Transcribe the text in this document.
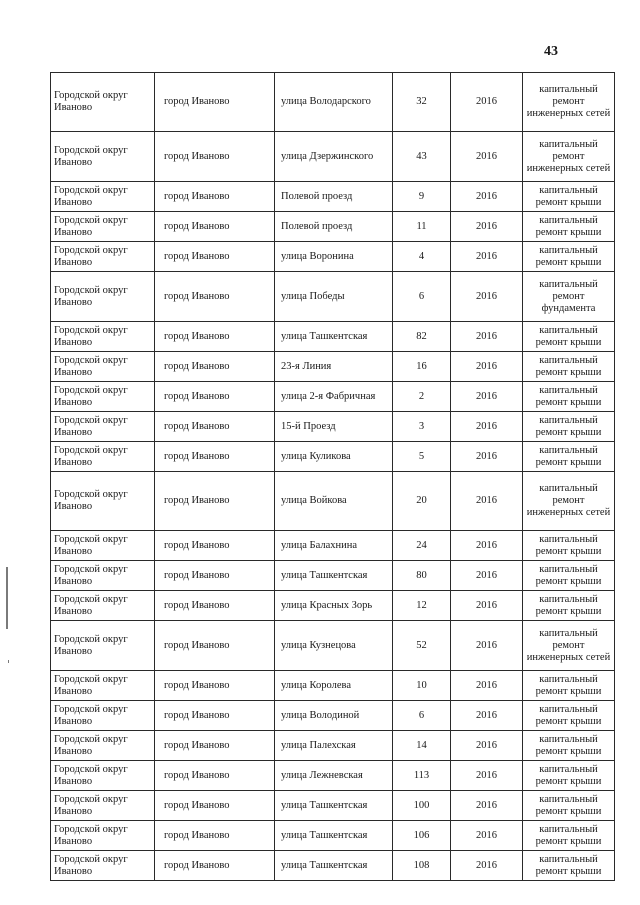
43
Городской округ Иваново	город Иваново	улица Володарского	32	2016	капитальный ремонт инженерных сетей
Городской округ Иваново	город Иваново	улица Дзержинского	43	2016	капитальный ремонт инженерных сетей
Городской округ Иваново	город Иваново	Полевой проезд	9	2016	капитальный ремонт крыши
Городской округ Иваново	город Иваново	Полевой проезд	11	2016	капитальный ремонт крыши
Городской округ Иваново	город Иваново	улица Воронина	4	2016	капитальный ремонт крыши
Городской округ Иваново	город Иваново	улица Победы	6	2016	капитальный ремонт фундамента
Городской округ Иваново	город Иваново	улица Ташкентская	82	2016	капитальный ремонт крыши
Городской округ Иваново	город Иваново	23-я Линия	16	2016	капитальный ремонт крыши
Городской округ Иваново	город Иваново	улица 2-я Фабричная	2	2016	капитальный ремонт крыши
Городской округ Иваново	город Иваново	15-й Проезд	3	2016	капитальный ремонт крыши
Городской округ Иваново	город Иваново	улица Куликова	5	2016	капитальный ремонт крыши
Городской округ Иваново	город Иваново	улица Войкова	20	2016	капитальный ремонт инженерных сетей
Городской округ Иваново	город Иваново	улица Балахнина	24	2016	капитальный ремонт крыши
Городской округ Иваново	город Иваново	улица Ташкентская	80	2016	капитальный ремонт крыши
Городской округ Иваново	город Иваново	улица Красных Зорь	12	2016	капитальный ремонт крыши
Городской округ Иваново	город Иваново	улица Кузнецова	52	2016	капитальный ремонт инженерных сетей
Городской округ Иваново	город Иваново	улица Королева	10	2016	капитальный ремонт крыши
Городской округ Иваново	город Иваново	улица Володиной	6	2016	капитальный ремонт крыши
Городской округ Иваново	город Иваново	улица Палехская	14	2016	капитальный ремонт крыши
Городской округ Иваново	город Иваново	улица Лежневская	113	2016	капитальный ремонт крыши
Городской округ Иваново	город Иваново	улица Ташкентская	100	2016	капитальный ремонт крыши
Городской округ Иваново	город Иваново	улица Ташкентская	106	2016	капитальный ремонт крыши
Городской округ Иваново	город Иваново	улица Ташкентская	108	2016	капитальный ремонт крыши
